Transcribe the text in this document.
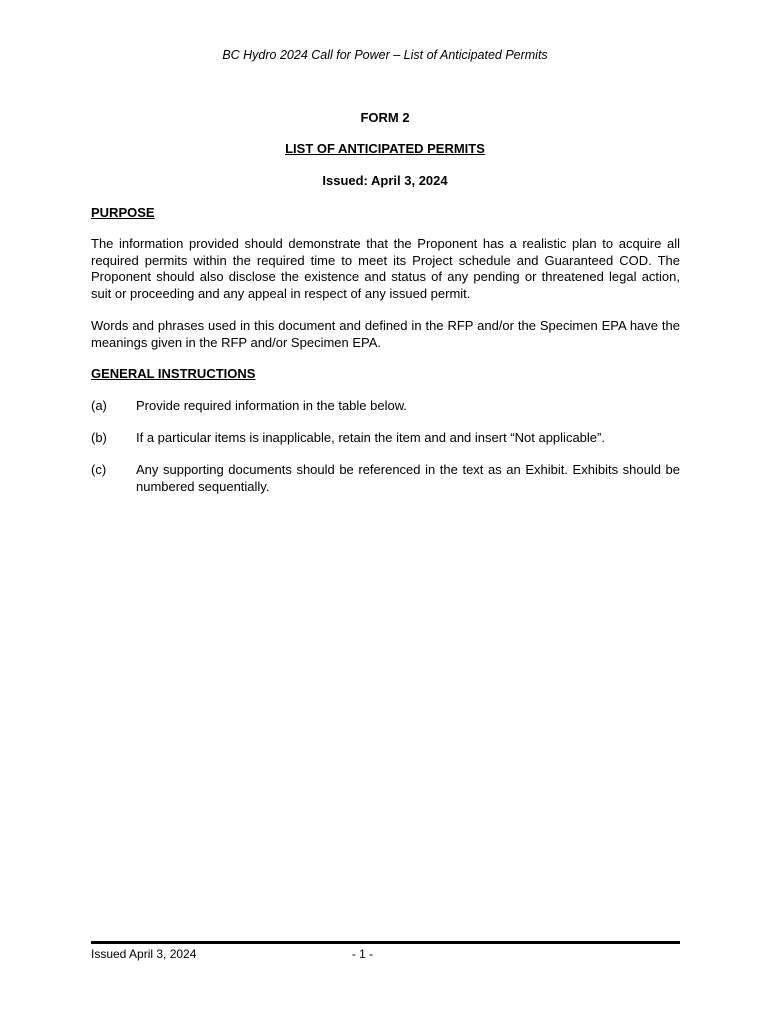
BC Hydro 2024 Call for Power – List of Anticipated Permits
FORM 2
LIST OF ANTICIPATED PERMITS
Issued: April 3, 2024
PURPOSE
The information provided should demonstrate that the Proponent has a realistic plan to acquire all required permits within the required time to meet its Project schedule and Guaranteed COD. The Proponent should also disclose the existence and status of any pending or threatened legal action, suit or proceeding and any appeal in respect of any issued permit.
Words and phrases used in this document and defined in the RFP and/or the Specimen EPA have the meanings given in the RFP and/or Specimen EPA.
GENERAL INSTRUCTIONS
(a)	Provide required information in the table below.
(b)	If a particular items is inapplicable, retain the item and and insert “Not applicable”.
(c)	Any supporting documents should be referenced in the text as an Exhibit. Exhibits should be numbered sequentially.
Issued April 3, 2024	- 1 -
